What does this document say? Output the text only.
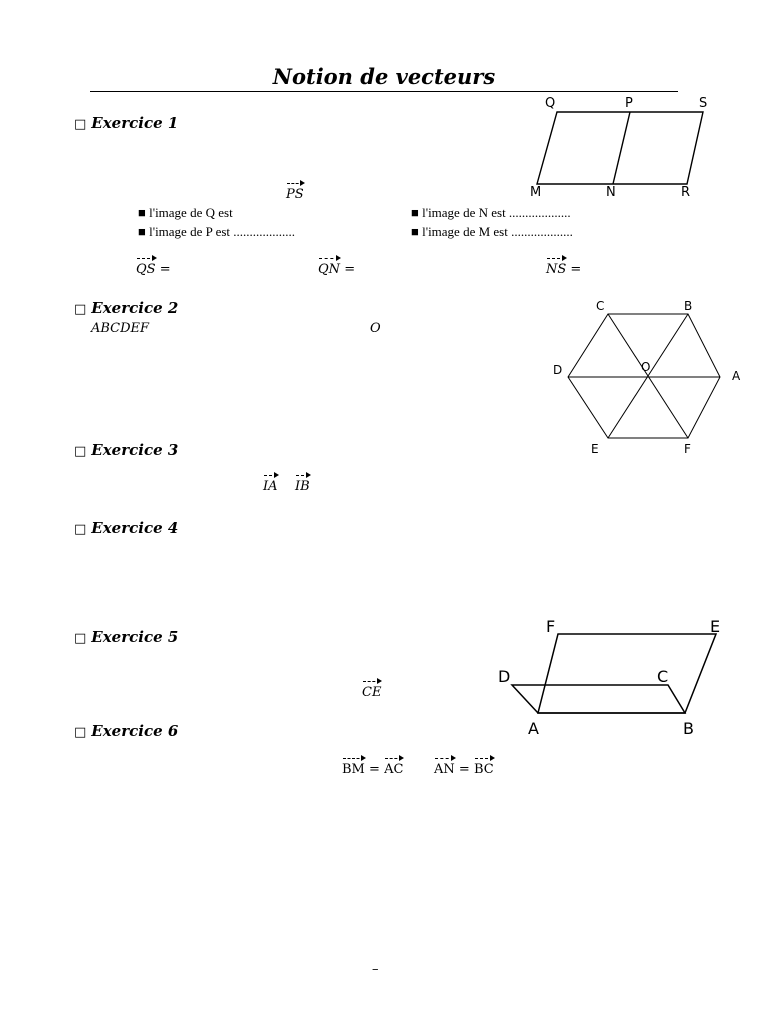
Notion de vecteurs
□ Exercice 1
Q	P	S
M	N	R
PS
■ l'image de Q est	■ l'image de N est ...................
■ l'image de P est ...................	■ l'image de M est ...................
QS =	QN =	NS =
□ Exercice 2
ABCDEF	O
C	B
D	O
A
E	F
□ Exercice 3
IA IB
□ Exercice 4
□ Exercice 5
CE
F	E
D	C
A	B
□ Exercice 6
BM = AC AN = BC
–
